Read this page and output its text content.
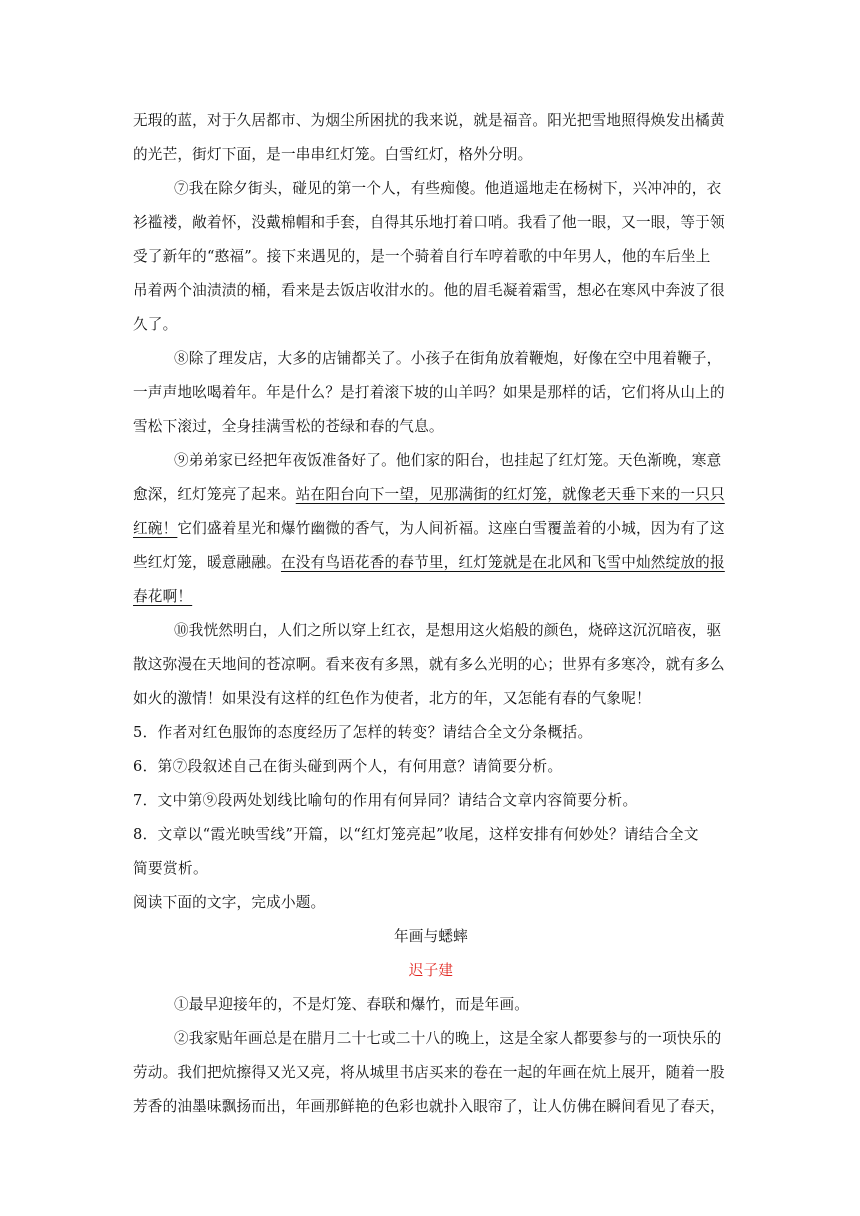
无瑕的蓝，对于久居都市、为烟尘所困扰的我来说，就是福音。阳光把雪地照得焕发出橘黄
的光芒，街灯下面，是一串串红灯笼。白雪红灯，格外分明。
⑦我在除夕街头，碰见的第一个人，有些痴傻。他逍遥地走在杨树下，兴冲冲的，衣
衫褴褛，敞着怀，没戴棉帽和手套，自得其乐地打着口哨。我看了他一眼，又一眼，等于领
受了新年的“憨福”。接下来遇见的，是一个骑着自行车哼着歌的中年男人，他的车后坐上
吊着两个油渍渍的桶，看来是去饭店收泔水的。他的眉毛凝着霜雪，想必在寒风中奔波了很
久了。
⑧除了理发店，大多的店铺都关了。小孩子在街角放着鞭炮，好像在空中甩着鞭子，
一声声地吆喝着年。年是什么？是打着滚下坡的山羊吗？如果是那样的话，它们将从山上的
雪松下滚过，全身挂满雪松的苍绿和春的气息。
⑨弟弟家已经把年夜饭准备好了。他们家的阳台，也挂起了红灯笼。天色渐晚，寒意
愈深，红灯笼亮了起来。站在阳台向下一望，见那满街的红灯笼，就像老天垂下来的一只只
红碗！它们盛着星光和爆竹幽微的香气，为人间祈福。这座白雪覆盖着的小城，因为有了这
些红灯笼，暖意融融。在没有鸟语花香的春节里，红灯笼就是在北风和飞雪中灿然绽放的报
春花啊！
⑩我恍然明白，人们之所以穿上红衣，是想用这火焰般的颜色，烧碎这沉沉暗夜，驱
散这弥漫在天地间的苍凉啊。看来夜有多黑，就有多么光明的心；世界有多寒冷，就有多么
如火的激情！如果没有这样的红色作为使者，北方的年，又怎能有春的气象呢！
5．作者对红色服饰的态度经历了怎样的转变？请结合全文分条概括。
6．第⑦段叙述自己在街头碰到两个人，有何用意？请简要分析。
7．文中第⑨段两处划线比喻句的作用有何异同？请结合文章内容简要分析。
8．文章以“霞光映雪线”开篇，以“红灯笼亮起”收尾，这样安排有何妙处？请结合全文
简要赏析。
阅读下面的文字，完成小题。
年画与蟋蟀
迟子建
①最早迎接年的，不是灯笼、春联和爆竹，而是年画。
②我家贴年画总是在腊月二十七或二十八的晚上，这是全家人都要参与的一项快乐的
劳动。我们把炕擦得又光又亮，将从城里书店买来的卷在一起的年画在炕上展开，随着一股
芳香的油墨味飘扬而出，年画那鲜艳的色彩也就扑入眼帘了，让人仿佛在瞬间看见了春天，
